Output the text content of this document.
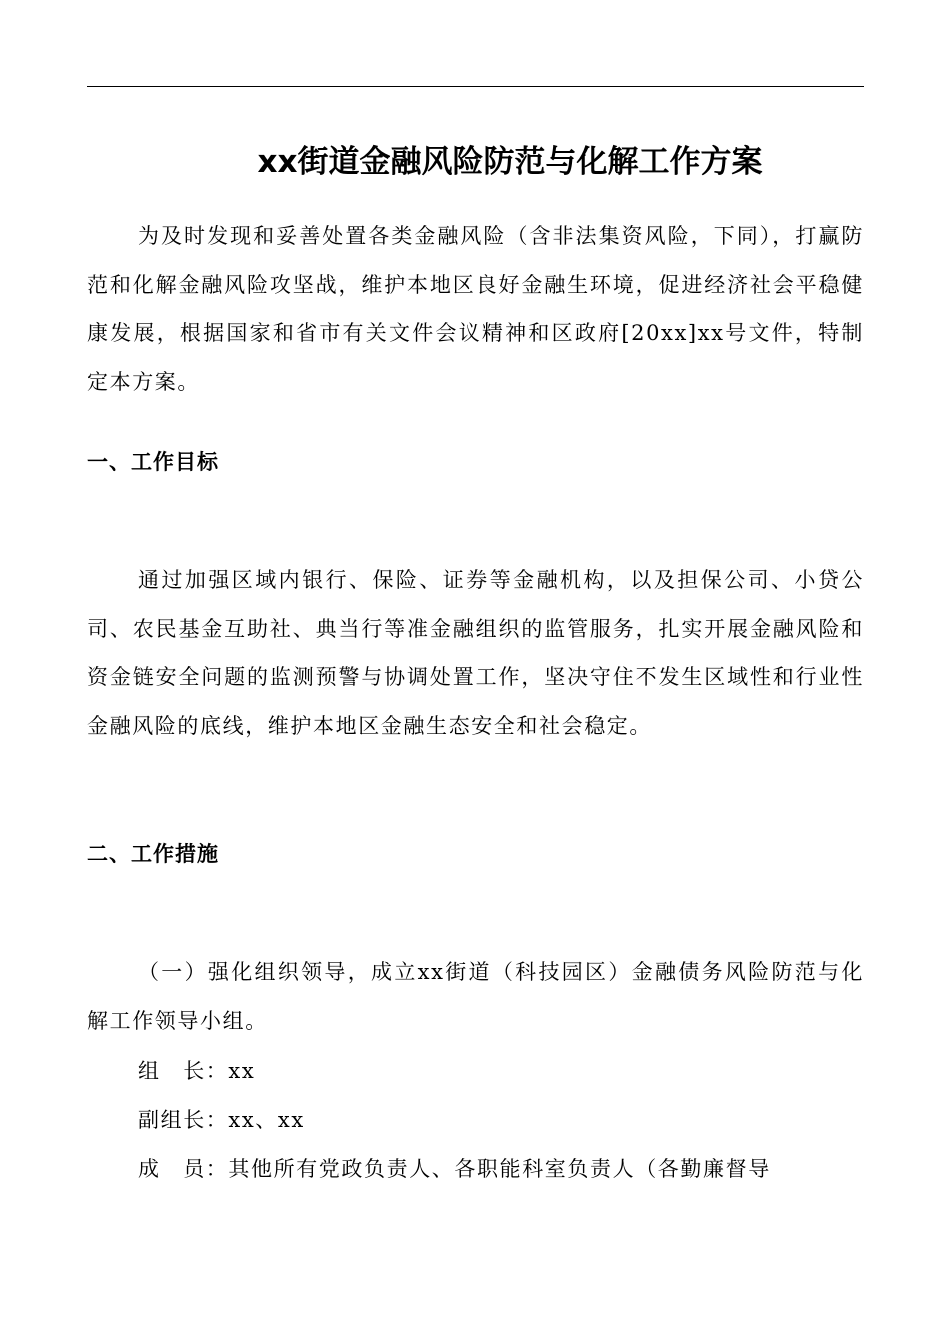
xx街道金融风险防范与化解工作方案

为及时发现和妥善处置各类金融风险（含非法集资风险，下同），打赢防范和化解金融风险攻坚战，维护本地区良好金融生环境，促进经济社会平稳健康发展，根据国家和省市有关文件会议精神和区政府[20xx]xx号文件，特制定本方案。

一、工作目标

通过加强区域内银行、保险、证券等金融机构，以及担保公司、小贷公司、农民基金互助社、典当行等准金融组织的监管服务，扎实开展金融风险和资金链安全问题的监测预警与协调处置工作，坚决守住不发生区域性和行业性金融风险的底线，维护本地区金融生态安全和社会稳定。

二、工作措施

（一）强化组织领导，成立xx街道（科技园区）金融债务风险防范与化解工作领导小组。

组　长：xx
副组长：xx、xx
成　员：其他所有党政负责人、各职能科室负责人（各勤廉督导
